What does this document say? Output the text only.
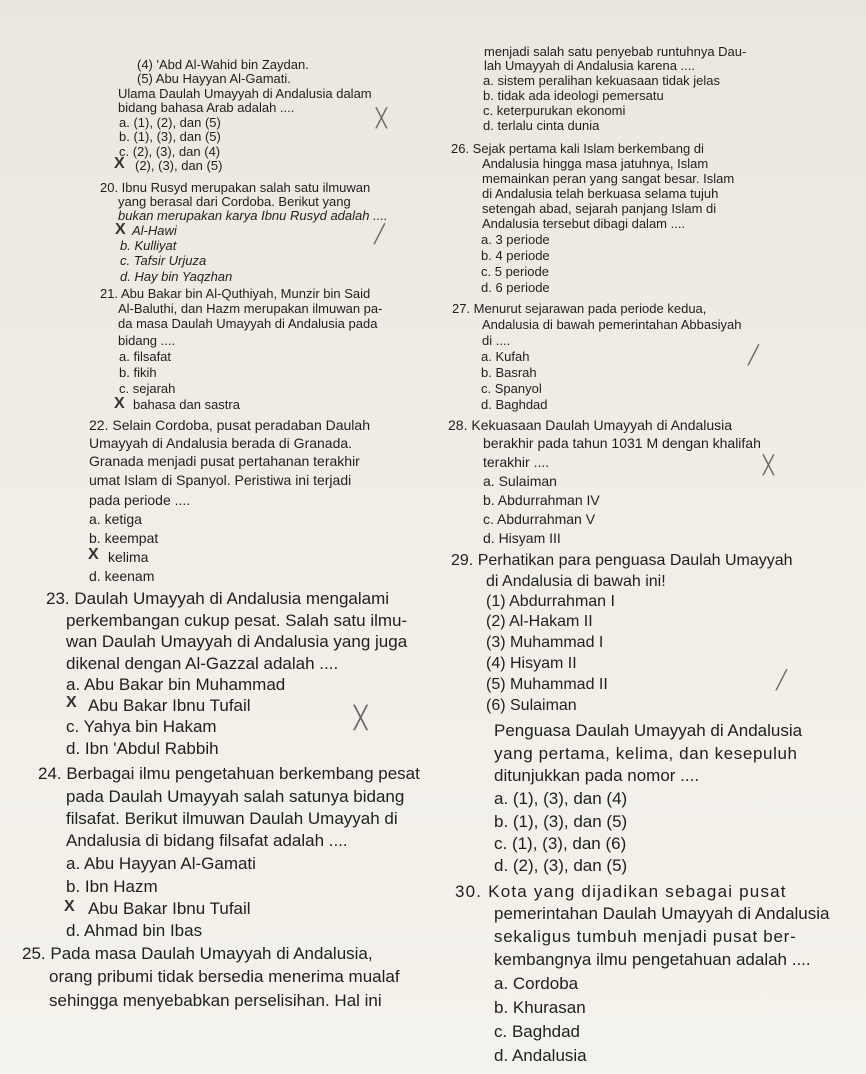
(4) 'Abd Al-Wahid bin Zaydan.
(5) Abu Hayyan Al-Gamati.
Ulama Daulah Umayyah di Andalusia dalam
bidang bahasa Arab adalah ....
a. (1), (2), dan (5)
b. (1), (3), dan (5)
c. (2), (3), dan (4)
X (2), (3), dan (5)
20. Ibnu Rusyd merupakan salah satu ilmuwan
yang berasal dari Cordoba. Berikut yang
bukan merupakan karya Ibnu Rusyd adalah ....
X Al-Hawi
b. Kulliyat
c. Tafsir Urjuza
d. Hay bin Yaqzhan
╳
╱
21. Abu Bakar bin Al-Quthiyah, Munzir bin Said
Al-Baluthi, dan Hazm merupakan ilmuwan pa-
da masa Daulah Umayyah di Andalusia pada
bidang ....
a. filsafat
b. fikih
c. sejarah
X bahasa dan sastra
menjadi salah satu penyebab runtuhnya Dau-
lah Umayyah di Andalusia karena ....
a. sistem peralihan kekuasaan tidak jelas
b. tidak ada ideologi pemersatu
c. keterpurukan ekonomi
d. terlalu cinta dunia
26. Sejak pertama kali Islam berkembang di
Andalusia hingga masa jatuhnya, Islam
memainkan peran yang sangat besar. Islam
di Andalusia telah berkuasa selama tujuh
setengah abad, sejarah panjang Islam di
Andalusia tersebut dibagi dalam ....
a. 3 periode
b. 4 periode
c. 5 periode
d. 6 periode
27. Menurut sejarawan pada periode kedua,
Andalusia di bawah pemerintahan Abbasiyah
di ....
a. Kufah
b. Basrah
c. Spanyol
d. Baghdad
╱
22. Selain Cordoba, pusat peradaban Daulah
Umayyah di Andalusia berada di Granada.
Granada menjadi pusat pertahanan terakhir
umat Islam di Spanyol. Peristiwa ini terjadi
pada periode ....
a. ketiga
b. keempat
X kelima
d. keenam
28. Kekuasaan Daulah Umayyah di Andalusia
berakhir pada tahun 1031 M dengan khalifah
terakhir ....
a. Sulaiman
b. Abdurrahman IV
c. Abdurrahman V
d. Hisyam III
╳
23. Daulah Umayyah di Andalusia mengalami
perkembangan cukup pesat. Salah satu ilmu-
wan Daulah Umayyah di Andalusia yang juga
dikenal dengan Al-Gazzal adalah ....
a. Abu Bakar bin Muhammad
X Abu Bakar Ibnu Tufail
c. Yahya bin Hakam
d. Ibn 'Abdul Rabbih
╳
24. Berbagai ilmu pengetahuan berkembang pesat
pada Daulah Umayyah salah satunya bidang
filsafat. Berikut ilmuwan Daulah Umayyah di
Andalusia di bidang filsafat adalah ....
a. Abu Hayyan Al-Gamati
b. Ibn Hazm
X Abu Bakar Ibnu Tufail
d. Ahmad bin Ibas
25. Pada masa Daulah Umayyah di Andalusia,
orang pribumi tidak bersedia menerima mualaf
sehingga menyebabkan perselisihan. Hal ini
29. Perhatikan para penguasa Daulah Umayyah
di Andalusia di bawah ini!
(1) Abdurrahman I
(2) Al-Hakam II
(3) Muhammad I
(4) Hisyam II
(5) Muhammad II
(6) Sulaiman
Penguasa Daulah Umayyah di Andalusia
yang pertama, kelima, dan kesepuluh
ditunjukkan pada nomor ....
a. (1), (3), dan (4)
b. (1), (3), dan (5)
c. (1), (3), dan (6)
d. (2), (3), dan (5)
╱
30. Kota yang dijadikan sebagai pusat
pemerintahan Daulah Umayyah di Andalusia
sekaligus tumbuh menjadi pusat ber-
kembangnya ilmu pengetahuan adalah ....
a. Cordoba
b. Khurasan
c. Baghdad
d. Andalusia
